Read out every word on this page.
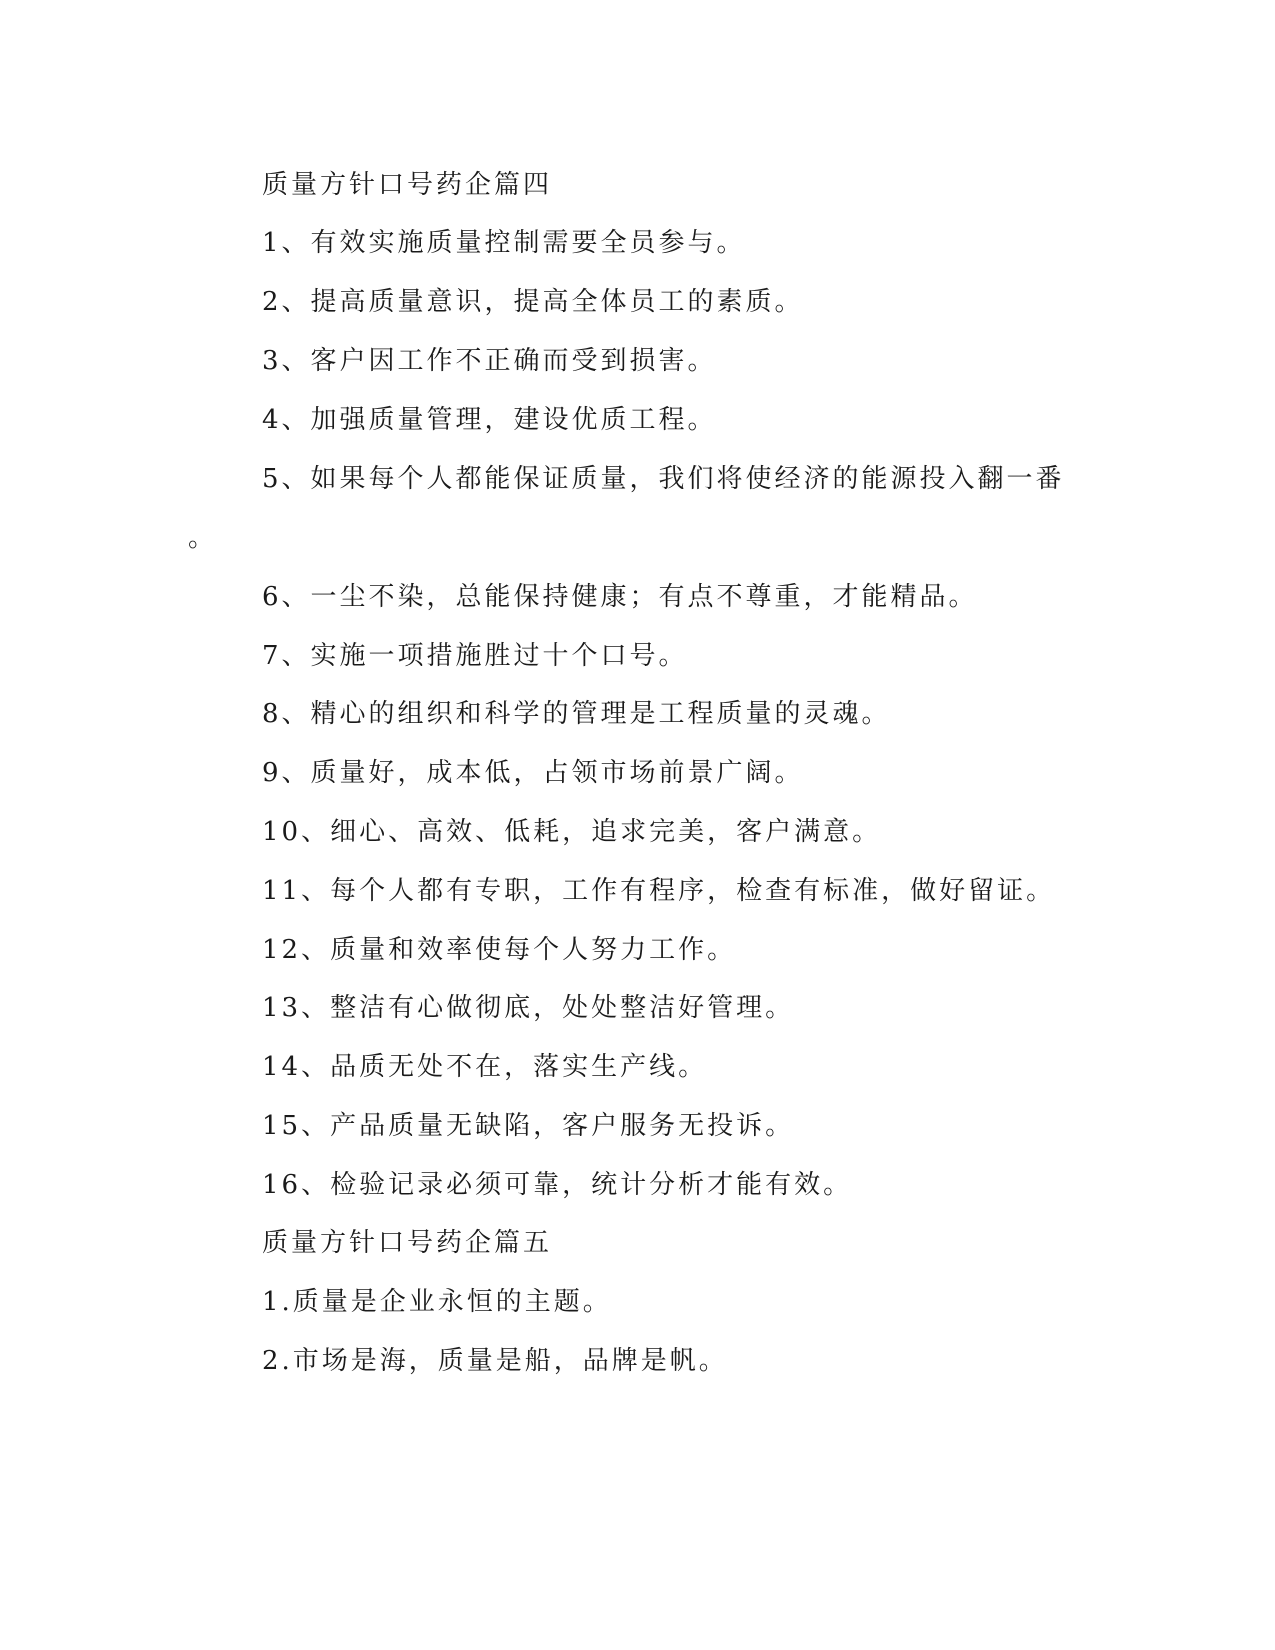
质量方针口号药企篇四
1、有效实施质量控制需要全员参与。
2、提高质量意识，提高全体员工的素质。
3、客户因工作不正确而受到损害。
4、加强质量管理，建设优质工程。
5、如果每个人都能保证质量，我们将使经济的能源投入翻一番
。
6、一尘不染，总能保持健康；有点不尊重，才能精品。
7、实施一项措施胜过十个口号。
8、精心的组织和科学的管理是工程质量的灵魂。
9、质量好，成本低，占领市场前景广阔。
10、细心、高效、低耗，追求完美，客户满意。
11、每个人都有专职，工作有程序，检查有标准，做好留证。
12、质量和效率使每个人努力工作。
13、整洁有心做彻底，处处整洁好管理。
14、品质无处不在，落实生产线。
15、产品质量无缺陷，客户服务无投诉。
16、检验记录必须可靠，统计分析才能有效。
质量方针口号药企篇五
1.质量是企业永恒的主题。
2.市场是海，质量是船，品牌是帆。
